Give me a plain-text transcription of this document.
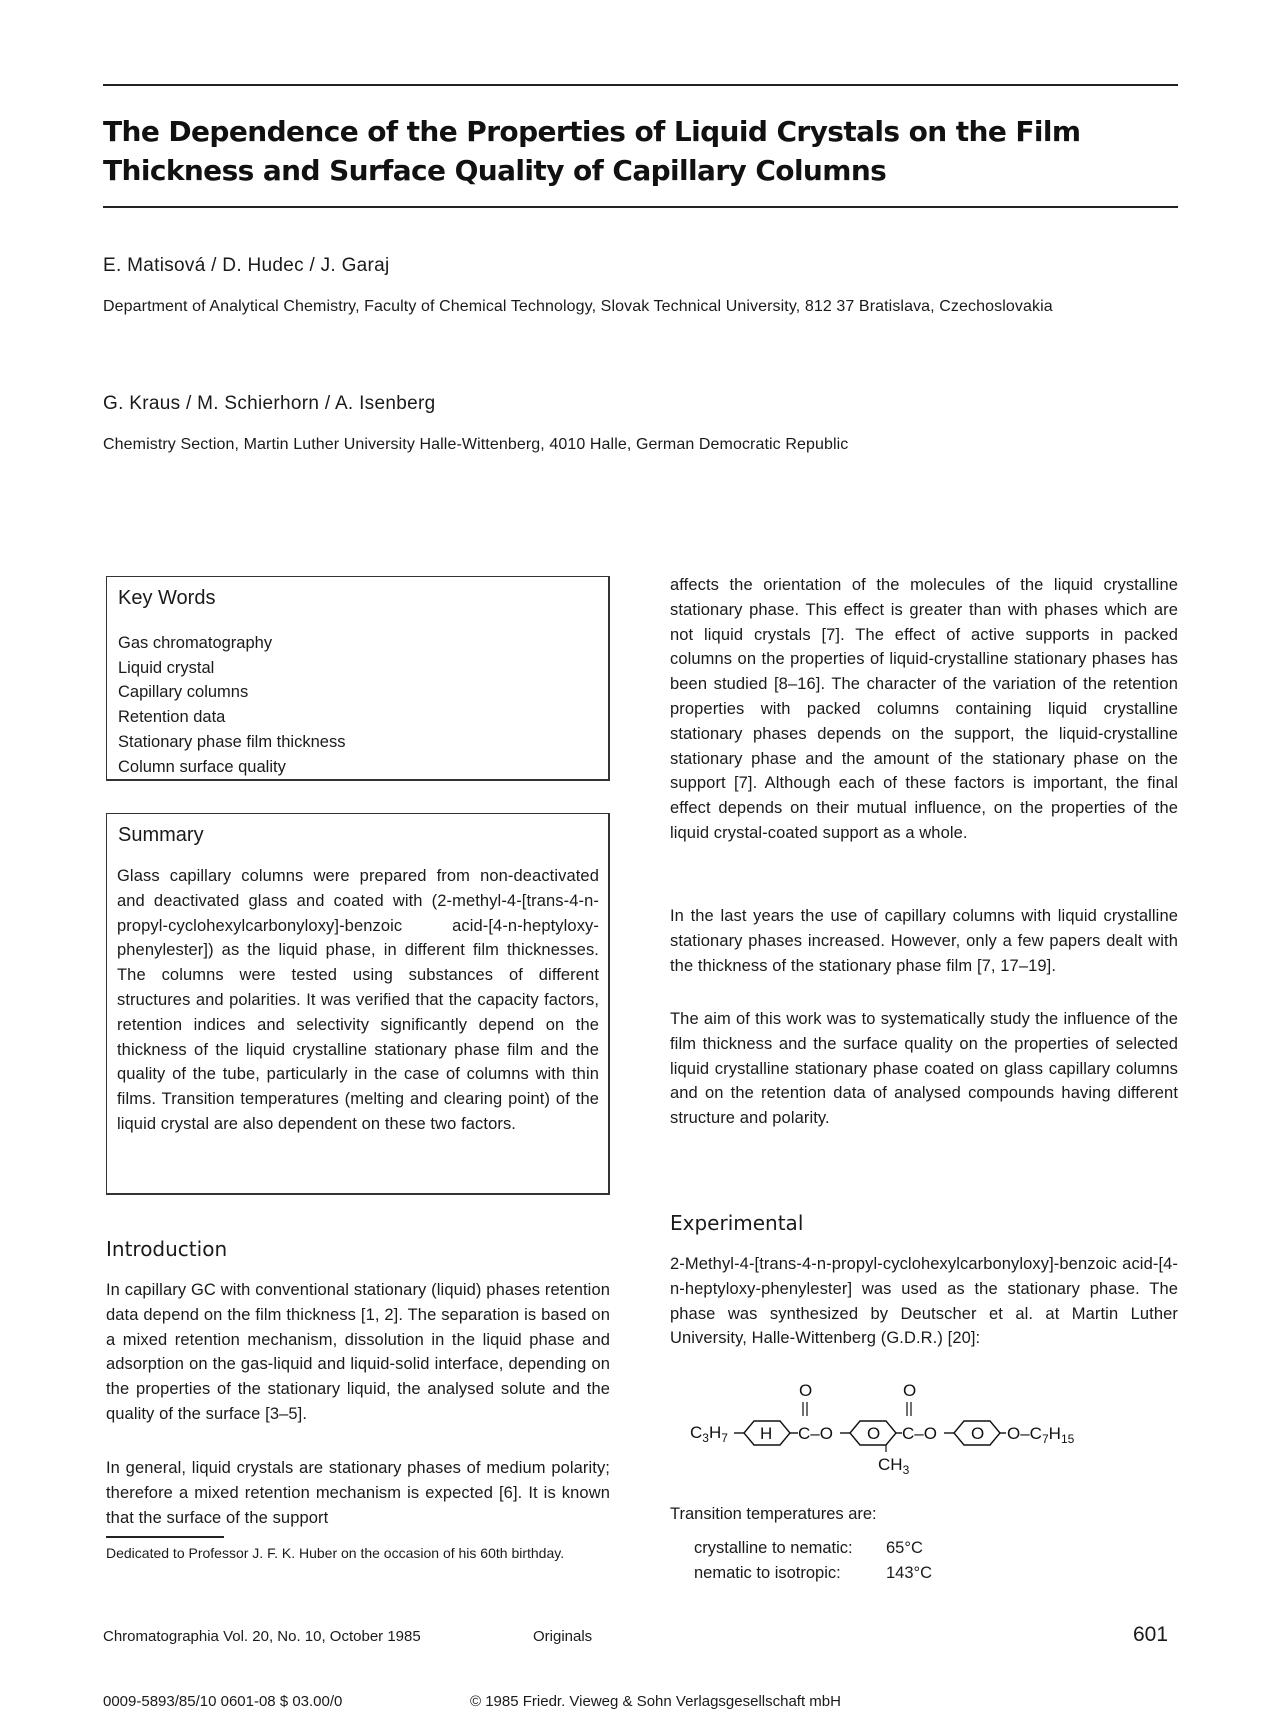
The Dependence of the Properties of Liquid Crystals on the Film Thickness and Surface Quality of Capillary Columns
E. Matisová / D. Hudec / J. Garaj
Department of Analytical Chemistry, Faculty of Chemical Technology, Slovak Technical University, 812 37 Bratislava, Czechoslovakia
G. Kraus / M. Schierhorn / A. Isenberg
Chemistry Section, Martin Luther University Halle-Wittenberg, 4010 Halle, German Democratic Republic
Key Words
Gas chromatography
Liquid crystal
Capillary columns
Retention data
Stationary phase film thickness
Column surface quality
Summary

Glass capillary columns were prepared from non-deactivated and deactivated glass and coated with (2-methyl-4-[trans-4-n-propyl-cyclohexylcarbonyloxy]-benzoic acid-[4-n-heptyloxy-phenylester]) as the liquid phase, in different film thicknesses. The columns were tested using substances of different structures and polarities. It was verified that the capacity factors, retention indices and selectivity significantly depend on the thickness of the liquid crystalline stationary phase film and the quality of the tube, particularly in the case of columns with thin films. Transition temperatures (melting and clearing point) of the liquid crystal are also dependent on these two factors.

Introduction

In capillary GC with conventional stationary (liquid) phases retention data depend on the film thickness [1, 2]. The separation is based on a mixed retention mechanism, dissolution in the liquid phase and adsorption on the gas-liquid and liquid-solid interface, depending on the properties of the stationary liquid, the analysed solute and the quality of the surface [3–5].

In general, liquid crystals are stationary phases of medium polarity; therefore a mixed retention mechanism is expected [6]. It is known that the surface of the support

Dedicated to Professor J. F. K. Huber on the occasion of his 60th birthday.

affects the orientation of the molecules of the liquid crystalline stationary phase. This effect is greater than with phases which are not liquid crystals [7]. The effect of active supports in packed columns on the properties of liquid-crystalline stationary phases has been studied [8–16]. The character of the variation of the retention properties with packed columns containing liquid crystalline stationary phases depends on the support, the liquid-crystalline stationary phase and the amount of the stationary phase on the support [7]. Although each of these factors is important, the final effect depends on their mutual influence, on the properties of the liquid crystal-coated support as a whole.

In the last years the use of capillary columns with liquid crystalline stationary phases increased. However, only a few papers dealt with the thickness of the stationary phase film [7, 17–19].

The aim of this work was to systematically study the influence of the film thickness and the surface quality on the properties of selected liquid crystalline stationary phase coated on glass capillary columns and on the retention data of analysed compounds having different structure and polarity.

Experimental

2-Methyl-4-[trans-4-n-propyl-cyclohexylcarbonyloxy]-benzoic acid-[4-n-heptyloxy-phenylester] was used as the stationary phase. The phase was synthesized by Deutscher et al. at Martin Luther University, Halle-Wittenberg (G.D.R.) [20]:

$C_3H_7$ H
O
C–O O
$CH_3$
O
C–O O $O-C_7H_{15}$
Transition temperatures are:
crystalline to nematic: 65°C
nematic to isotropic:	143°C
Chromatographia Vol. 20, No. 10, October 1985	Originals	601
0009-5893/85/10 0601-08 $ 03.00/0	© 1985 Friedr. Vieweg & Sohn Verlagsgesellschaft mbH
